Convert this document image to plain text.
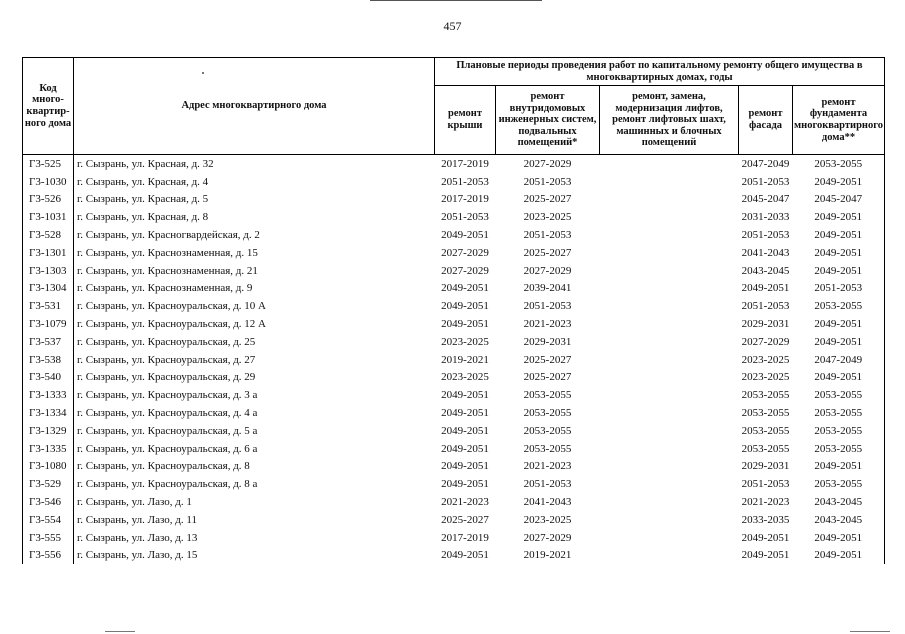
457
Код много-квартир-ного дома	Адрес многоквартирного дома	Плановые периоды проведения работ по капитальному ремонту общего имущества в многоквартирных домах, годы				
		ремонт крыши	ремонт внутридомовых инженерных систем, подвальных помещений*	ремонт, замена, модернизация лифтов, ремонт лифтовых шахт, машинных и блочных помещений	ремонт фасада	ремонт фундамента многоквартирного дома**
Г3-525	г. Сызрань, ул. Красная, д. 32	2017-2019	2027-2029		2047-2049	2053-2055
Г3-1030	г. Сызрань, ул. Красная, д. 4	2051-2053	2051-2053		2051-2053	2049-2051
Г3-526	г. Сызрань, ул. Красная, д. 5	2017-2019	2025-2027		2045-2047	2045-2047
Г3-1031	г. Сызрань, ул. Красная, д. 8	2051-2053	2023-2025		2031-2033	2049-2051
Г3-528	г. Сызрань, ул. Красногвардейская, д. 2	2049-2051	2051-2053		2051-2053	2049-2051
Г3-1301	г. Сызрань, ул. Краснознаменная, д. 15	2027-2029	2025-2027		2041-2043	2049-2051
Г3-1303	г. Сызрань, ул. Краснознаменная, д. 21	2027-2029	2027-2029		2043-2045	2049-2051
Г3-1304	г. Сызрань, ул. Краснознаменная, д. 9	2049-2051	2039-2041		2049-2051	2051-2053
Г3-531	г. Сызрань, ул. Красноуральская, д. 10 А	2049-2051	2051-2053		2051-2053	2053-2055
Г3-1079	г. Сызрань, ул. Красноуральская, д. 12 А	2049-2051	2021-2023		2029-2031	2049-2051
Г3-537	г. Сызрань, ул. Красноуральская, д. 25	2023-2025	2029-2031		2027-2029	2049-2051
Г3-538	г. Сызрань, ул. Красноуральская, д. 27	2019-2021	2025-2027		2023-2025	2047-2049
Г3-540	г. Сызрань, ул. Красноуральская, д. 29	2023-2025	2025-2027		2023-2025	2049-2051
Г3-1333	г. Сызрань, ул. Красноуральская, д. 3 а	2049-2051	2053-2055		2053-2055	2053-2055
Г3-1334	г. Сызрань, ул. Красноуральская, д. 4 а	2049-2051	2053-2055		2053-2055	2053-2055
Г3-1329	г. Сызрань, ул. Красноуральская, д. 5 а	2049-2051	2053-2055		2053-2055	2053-2055
Г3-1335	г. Сызрань, ул. Красноуральская, д. 6 а	2049-2051	2053-2055		2053-2055	2053-2055
Г3-1080	г. Сызрань, ул. Красноуральская, д. 8	2049-2051	2021-2023		2029-2031	2049-2051
Г3-529	г. Сызрань, ул. Красноуральская, д. 8 а	2049-2051	2051-2053		2051-2053	2053-2055
Г3-546	г. Сызрань, ул. Лазо, д. 1	2021-2023	2041-2043		2021-2023	2043-2045
Г3-554	г. Сызрань, ул. Лазо, д. 11	2025-2027	2023-2025		2033-2035	2043-2045
Г3-555	г. Сызрань, ул. Лазо, д. 13	2017-2019	2027-2029		2049-2051	2049-2051
Г3-556	г. Сызрань, ул. Лазо, д. 15	2049-2051	2019-2021		2049-2051	2049-2051
